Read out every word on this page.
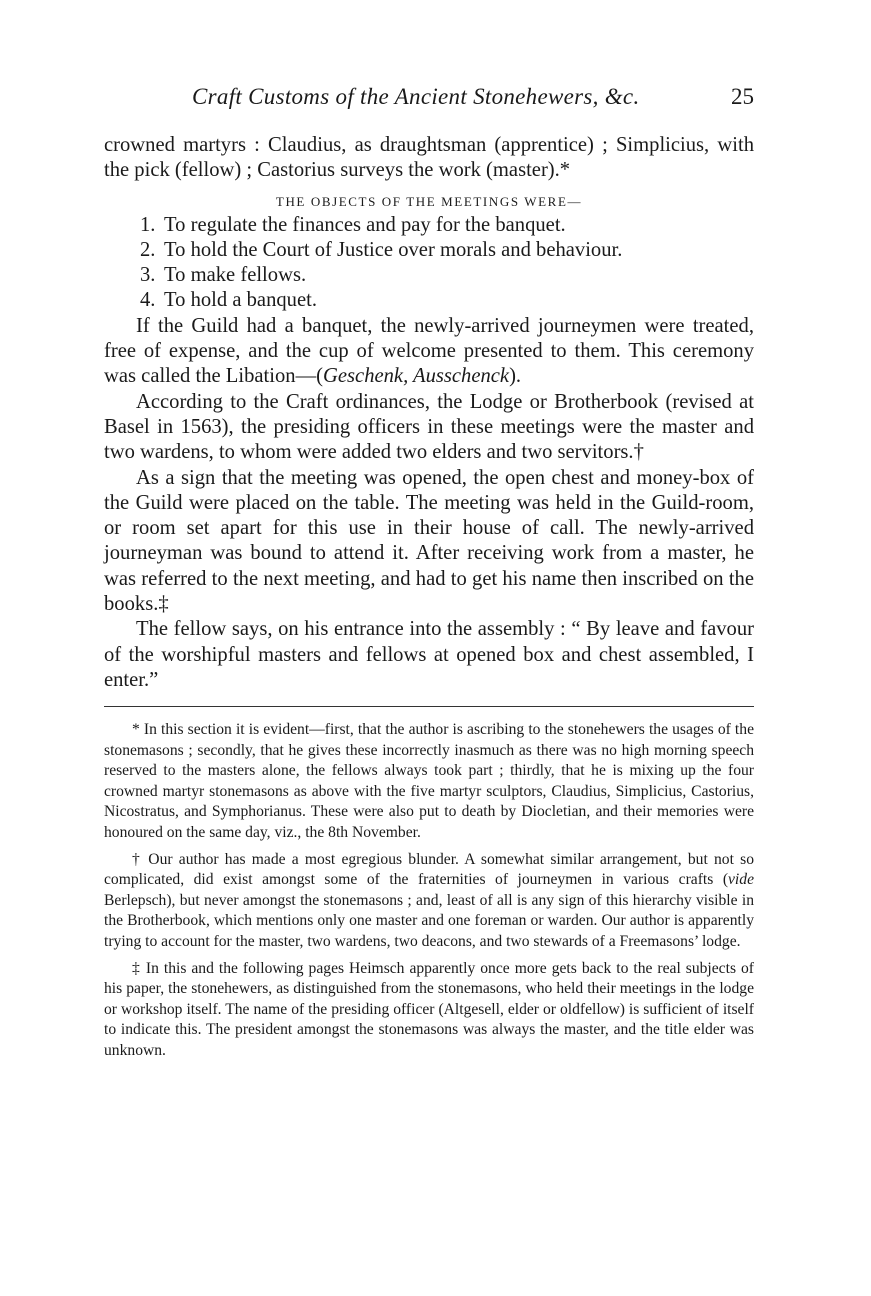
Craft Customs of the Ancient Stonehewers, &c.	25

crowned martyrs : Claudius, as draughtsman (apprentice) ; Simplicius, with the pick (fellow) ; Castorius surveys the work (master).*

THE OBJECTS OF THE MEETINGS WERE—
1. To regulate the finances and pay for the banquet.
2. To hold the Court of Justice over morals and behaviour.
3. To make fellows.
4. To hold a banquet.

If the Guild had a banquet, the newly-arrived journeymen were treated, free of expense, and the cup of welcome presented to them. This ceremony was called the Libation—(Geschenk, Ausschenck).

According to the Craft ordinances, the Lodge or Brotherbook (revised at Basel in 1563), the presiding officers in these meetings were the master and two wardens, to whom were added two elders and two servitors.†

As a sign that the meeting was opened, the open chest and money-box of the Guild were placed on the table. The meeting was held in the Guild-room, or room set apart for this use in their house of call. The newly-arrived journeyman was bound to attend it. After receiving work from a master, he was referred to the next meeting, and had to get his name then inscribed on the books.‡

The fellow says, on his entrance into the assembly : “ By leave and favour of the worshipful masters and fellows at opened box and chest assembled, I enter.”

* In this section it is evident—first, that the author is ascribing to the stonehewers the usages of the stonemasons ; secondly, that he gives these incorrectly inasmuch as there was no high morning speech reserved to the masters alone, the fellows always took part ; thirdly, that he is mixing up the four crowned martyr stonemasons as above with the five martyr sculptors, Claudius, Simplicius, Castorius, Nicostratus, and Symphorianus. These were also put to death by Diocletian, and their memories were honoured on the same day, viz., the 8th November.

† Our author has made a most egregious blunder. A somewhat similar arrangement, but not so complicated, did exist amongst some of the fraternities of journeymen in various crafts (vide Berlepsch), but never amongst the stonemasons ; and, least of all is any sign of this hierarchy visible in the Brotherbook, which mentions only one master and one foreman or warden. Our author is apparently trying to account for the master, two wardens, two deacons, and two stewards of a Freemasons’ lodge.

‡ In this and the following pages Heimsch apparently once more gets back to the real subjects of his paper, the stonehewers, as distinguished from the stonemasons, who held their meetings in the lodge or workshop itself. The name of the presiding officer (Altgesell, elder or oldfellow) is sufficient of itself to indicate this. The president amongst the stonemasons was always the master, and the title elder was unknown.
